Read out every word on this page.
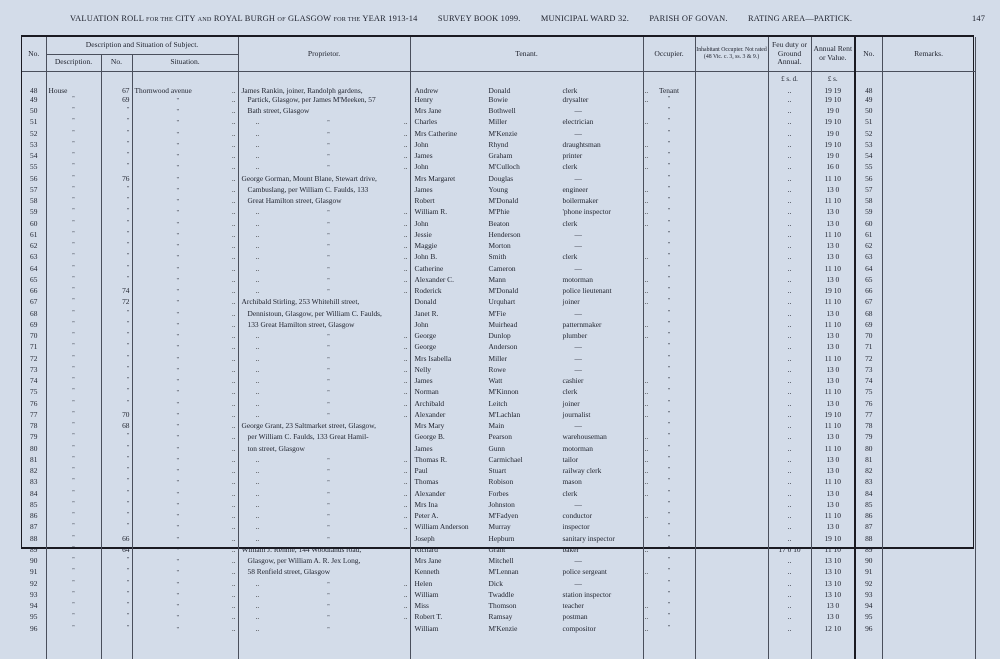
VALUATION ROLL FOR THE CITY AND ROYAL BURGH OF GLASGOW FOR THE YEAR 1913-14 SURVEY BOOK 1099. MUNICIPAL WARD 32. PARISH OF GOVAN. RATING AREA—PARTICK.	147
No.	Description and Situation of Subject.			Proprietor.	Tenant.	Occupier.	Inhabitant Occupier. Not rated (48 Vic. c. 3, ss. 3 & 9.)	Feu duty or Ground Annual.	Annual Rent or Value.	No.	Remarks.
	Description.	No.	Situation.								
								£ s. d.	£ s.		
48	House	67	Thornwood avenue ..	James Rankin, joiner, Randolph gardens,	Andrew Donald clerk ..	Tenant		..	19 19	48	
49	"	69	" ..	Partick, Glasgow, per James M'Meeken, 57	Henry Bowie drysalter ..	"		..	19 10	49	
50	"	"	" ..	Bath street, Glasgow	Mrs Jane Bothwell —	"		..	19 0	50	
51	"	"	" ..	.. " ..	Charles Miller electrician ..	"		..	19 10	51	
52	"	"	" ..	.. " ..	Mrs Catherine M'Kenzie —	"		..	19 0	52	
53	"	"	" ..	.. " ..	John Rhynd draughtsman ..	"		..	19 10	53	
54	"	"	" ..	.. " ..	James Graham printer ..	"		..	19 0	54	
55	"	"	" ..	.. " ..	John M'Culloch clerk ..	"		..	16 0	55	
56	"	76	" ..	George Gorman, Mount Blane, Stewart drive,	Mrs Margaret Douglas —	"		..	11 10	56	
57	"	"	" ..	Cambuslang, per William C. Faulds, 133	James Young engineer ..	"		..	13 0	57	
58	"	"	" ..	Great Hamilton street, Glasgow	Robert M'Donald boilermaker ..	"		..	11 10	58	
59	"	"	" ..	.. " ..	William R. M'Phie 'phone inspector ..	"		..	13 0	59	
60	"	"	" ..	.. " ..	John Beaton clerk ..	"		..	13 0	60	
61	"	"	" ..	.. " ..	Jessie Henderson —	"		..	11 10	61	
62	"	"	" ..	.. " ..	Maggie Morton —	"		..	13 0	62	
63	"	"	" ..	.. " ..	John B. Smith clerk ..	"		..	13 0	63	
64	"	"	" ..	.. " ..	Catherine Cameron —	"		..	11 10	64	
65	"	"	" ..	.. " ..	Alexander C. Mann motorman ..	"		..	13 0	65	
66	"	74	" ..	.. " ..	Roderick M'Donald police lieutenant ..	"		..	19 10	66	
67	"	72	" ..	Archibald Stirling, 253 Whitehill street,	Donald Urquhart joiner ..	"		..	11 10	67	
68	"	"	" ..	Dennistoun, Glasgow, per William C. Faulds,	Janet R. M'Fie —	"		..	13 0	68	
69	"	"	" ..	133 Great Hamilton street, Glasgow	John Muirhead patternmaker ..	"		..	11 10	69	
70	"	"	" ..	.. " ..	George Dunlop plumber ..	"		..	13 0	70	
71	"	"	" ..	.. " ..	George Anderson —	"		..	13 0	71	
72	"	"	" ..	.. " ..	Mrs Isabella Miller —	"		..	11 10	72	
73	"	"	" ..	.. " ..	Nelly Rowe —	"		..	13 0	73	
74	"	"	" ..	.. " ..	James Watt cashier ..	"		..	13 0	74	
75	"	"	" ..	.. " ..	Norman M'Kinnon clerk ..	"		..	11 10	75	
76	"	"	" ..	.. " ..	Archibald Leitch joiner ..	"		..	13 0	76	
77	"	70	" ..	.. " ..	Alexander M'Lachlan journalist ..	"		..	19 10	77	
78	"	68	" ..	George Grant, 23 Saltmarket street, Glasgow,	Mrs Mary Main —	"		..	11 10	78	
79	"	"	" ..	per William C. Faulds, 133 Great Hamil-	George B. Pearson warehouseman ..	"		..	13 0	79	
80	"	"	" ..	ton street, Glasgow	James Gunn motorman ..	"		..	11 10	80	
81	"	"	" ..	.. " ..	Thomas R. Carmichael tailor ..	"		..	13 0	81	
82	"	"	" ..	.. " ..	Paul Stuart railway clerk ..	"		..	13 0	82	
83	"	"	" ..	.. " ..	Thomas Robison mason ..	"		..	11 10	83	
84	"	"	" ..	.. " ..	Alexander Forbes clerk ..	"		..	13 0	84	
85	"	"	" ..	.. " ..	Mrs Ina Johnston —	"		..	13 0	85	
86	"	"	" ..	.. " ..	Peter A. M'Fadyen conductor ..	"		..	11 10	86	
87	"	"	" ..	.. " ..	William Anderson Murray inspector	"		..	13 0	87	
88	"	66	" ..	.. "	Joseph Hepburn sanitary inspector	"		..	19 10	88	
89	"	64	" ..	William J. Rennie, 144 Woodlands road,	Richard Grant baker ..	"		17 0 10	11 10	89	
90	"	"	" ..	Glasgow, per William A. R. Jex Long,	Mrs Jane Mitchell —	"		..	13 10	90	
91	"	"	" ..	58 Renfield street, Glasgow	Kenneth M'Lennan police sergeant ..	"		..	13 10	91	
92	"	"	" ..	.. " ..	Helen Dick —	"		..	13 10	92	
93	"	"	" ..	.. " ..	William Twaddle station inspector	"		..	13 10	93	
94	"	"	" ..	.. " ..	Miss Thomson teacher ..	"		..	13 0	94	
95	"	"	" ..	.. " ..	Robert T. Ramsay postman ..	"		..	13 0	95	
96	"	"	" ..	.. "	William M'Kenzie compositor ..	"		..	12 10	96	
